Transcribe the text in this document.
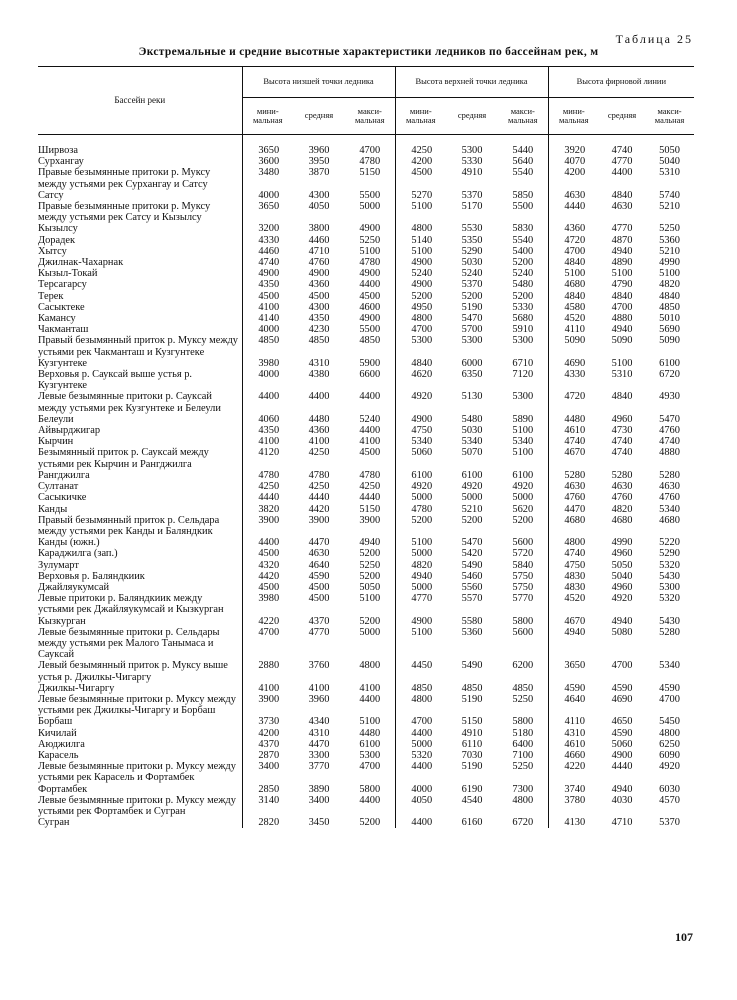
Таблица 25
Экстремальные и средние высотные характеристики ледников по бассейнам рек, м
Бассейн реки	Высота низшей точки ледника			Высота верхней точки ледника			Высота фирновой линии		
	мини- мальная	средняя	макси- мальная	мини- мальная	средняя	макси- мальная	мини- мальная	средняя	макси- мальная

Ширвоза	3650	3960	4700	4250	5300	5440	3920	4740	5050
Сурхангау	3600	3950	4780	4200	5330	5640	4070	4770	5040
Правые безымянные притоки р. Муксу между устьями рек Сурхангау и Сатсу	3480	3870	5150	4500	4910	5540	4200	4400	5310
Сатсу	4000	4300	5500	5270	5370	5850	4630	4840	5740
Правые безымянные притоки р. Муксу между устьями рек Сатсу и Кызылсу	3650	4050	5000	5100	5170	5500	4440	4630	5210
Кызылсу	3200	3800	4900	4800	5530	5830	4360	4770	5250
Дорадек	4330	4460	5250	5140	5350	5540	4720	4870	5360
Хытсу	4460	4710	5100	5100	5290	5400	4700	4940	5210
Джилнак-Чахарнак	4740	4760	4780	4900	5030	5200	4840	4890	4990
Кызыл-Токай	4900	4900	4900	5240	5240	5240	5100	5100	5100
Терсагарсу	4350	4360	4400	4900	5370	5480	4680	4790	4820
Терек	4500	4500	4500	5200	5200	5200	4840	4840	4840
Сасыктеке	4100	4300	4600	4950	5190	5330	4580	4700	4850
Камансу	4140	4350	4900	4800	5470	5680	4520	4880	5010
Чакманташ	4000	4230	5500	4700	5700	5910	4110	4940	5690
Правый безымянный приток р. Муксу между устьями рек Чакманташ и Кузгунтеке	4850	4850	4850	5300	5300	5300	5090	5090	5090
Кузгунтеке	3980	4310	5900	4840	6000	6710	4690	5100	6100
Верховья р. Сауксай выше устья р. Кузгунтеке	4000	4380	6600	4620	6350	7120	4330	5310	6720
Левые безымянные притоки р. Саукcай между устьями рек Кузгунтеке и Белеули	4400	4400	4400	4920	5130	5300	4720	4840	4930
Белеули	4060	4480	5240	4900	5480	5890	4480	4960	5470
Айвырджигар	4350	4360	4400	4750	5030	5100	4610	4730	4760
Кырчин	4100	4100	4100	5340	5340	5340	4740	4740	4740
Безымянный приток р. Саукcай между устьями рек Кырчин и Рангджилга	4120	4250	4500	5060	5070	5100	4670	4740	4880
Рангджилга	4780	4780	4780	6100	6100	6100	5280	5280	5280
Султанат	4250	4250	4250	4920	4920	4920	4630	4630	4630
Сасыкичке	4440	4440	4440	5000	5000	5000	4760	4760	4760
Канды	3820	4420	5150	4780	5210	5620	4470	4820	5340
Правый безымянный приток р. Сельдара между устьями рек Канды и Баляндкик	3900	3900	3900	5200	5200	5200	4680	4680	4680
Канды (южн.)	4400	4470	4940	5100	5470	5600	4800	4990	5220
Караджилга (зап.)	4500	4630	5200	5000	5420	5720	4740	4960	5290
Зулумарт	4320	4640	5250	4820	5490	5840	4750	5050	5320
Верховья р. Баляндкиик	4420	4590	5200	4940	5460	5750	4830	5040	5430
Джайляукумсай	4500	4500	5050	5000	5560	5750	4830	4960	5300
Левые притоки р. Баляндкиик между устьями рек Джайляукумсай и Кызкурган	3980	4500	5100	4770	5570	5770	4520	4920	5320
Кызкурган	4220	4370	5200	4900	5580	5800	4670	4940	5430
Левые безымянные притоки р. Сельдары между устьями рек Малого Танымаса и Саукcай	4700	4770	5000	5100	5360	5600	4940	5080	5280
Левый безымянный приток р. Муксу выше устья р. Джилкы-Чигаргу	2880	3760	4800	4450	5490	6200	3650	4700	5340
Джилкы-Чигаргу	4100	4100	4100	4850	4850	4850	4590	4590	4590
Левые безымянные притоки р. Муксу между устьями рек Джилкы-Чигаргу и Борбаш	3900	3960	4400	4800	5190	5250	4640	4690	4700
Борбаш	3730	4340	5100	4700	5150	5800	4110	4650	5450
Кичилай	4200	4310	4480	4400	4910	5180	4310	4590	4800
Аюджилга	4370	4470	6100	5000	6110	6400	4610	5060	6250
Карасель	2870	3300	5300	5320	7030	7100	4660	4900	6090
Левые безымянные притоки р. Муксу между устьями рек Карасель и Фортамбек	3400	3770	4700	4400	5190	5250	4220	4440	4920
Фортамбек	2850	3890	5800	4000	6190	7300	3740	4940	6030
Левые безымянные притоки р. Муксу между устьями рек Фортамбек и Сугран	3140	3400	4400	4050	4540	4800	3780	4030	4570
Сугран	2820	3450	5200	4400	6160	6720	4130	4710	5370
107
